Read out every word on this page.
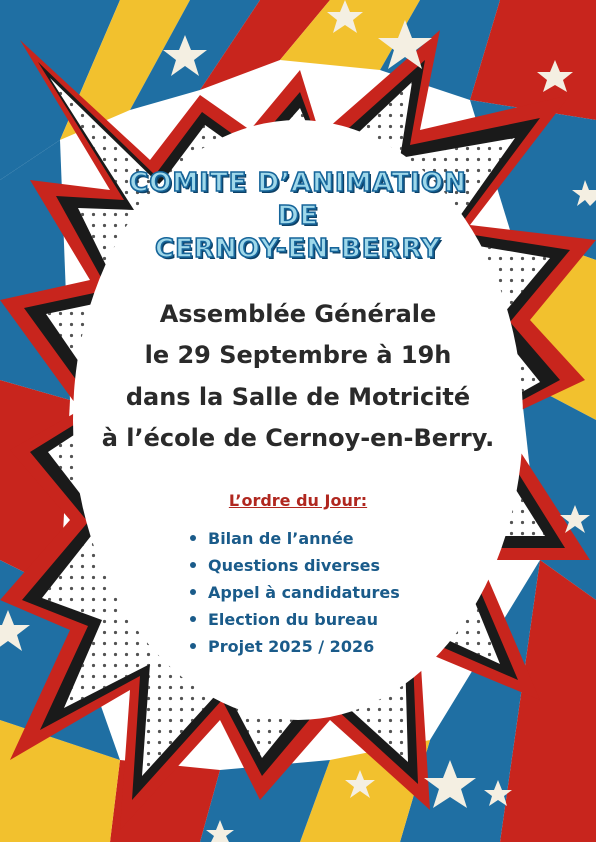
COMITE D’ANIMATION
DE
CERNOY-EN-BERRY
Assemblée Générale
le 29 Septembre à 19h
dans la Salle de Motricité
à l’école de Cernoy-en-Berry.
L’ordre du Jour:
Bilan de l’année
Questions diverses
Appel à candidatures
Election du bureau
Projet 2025 / 2026
